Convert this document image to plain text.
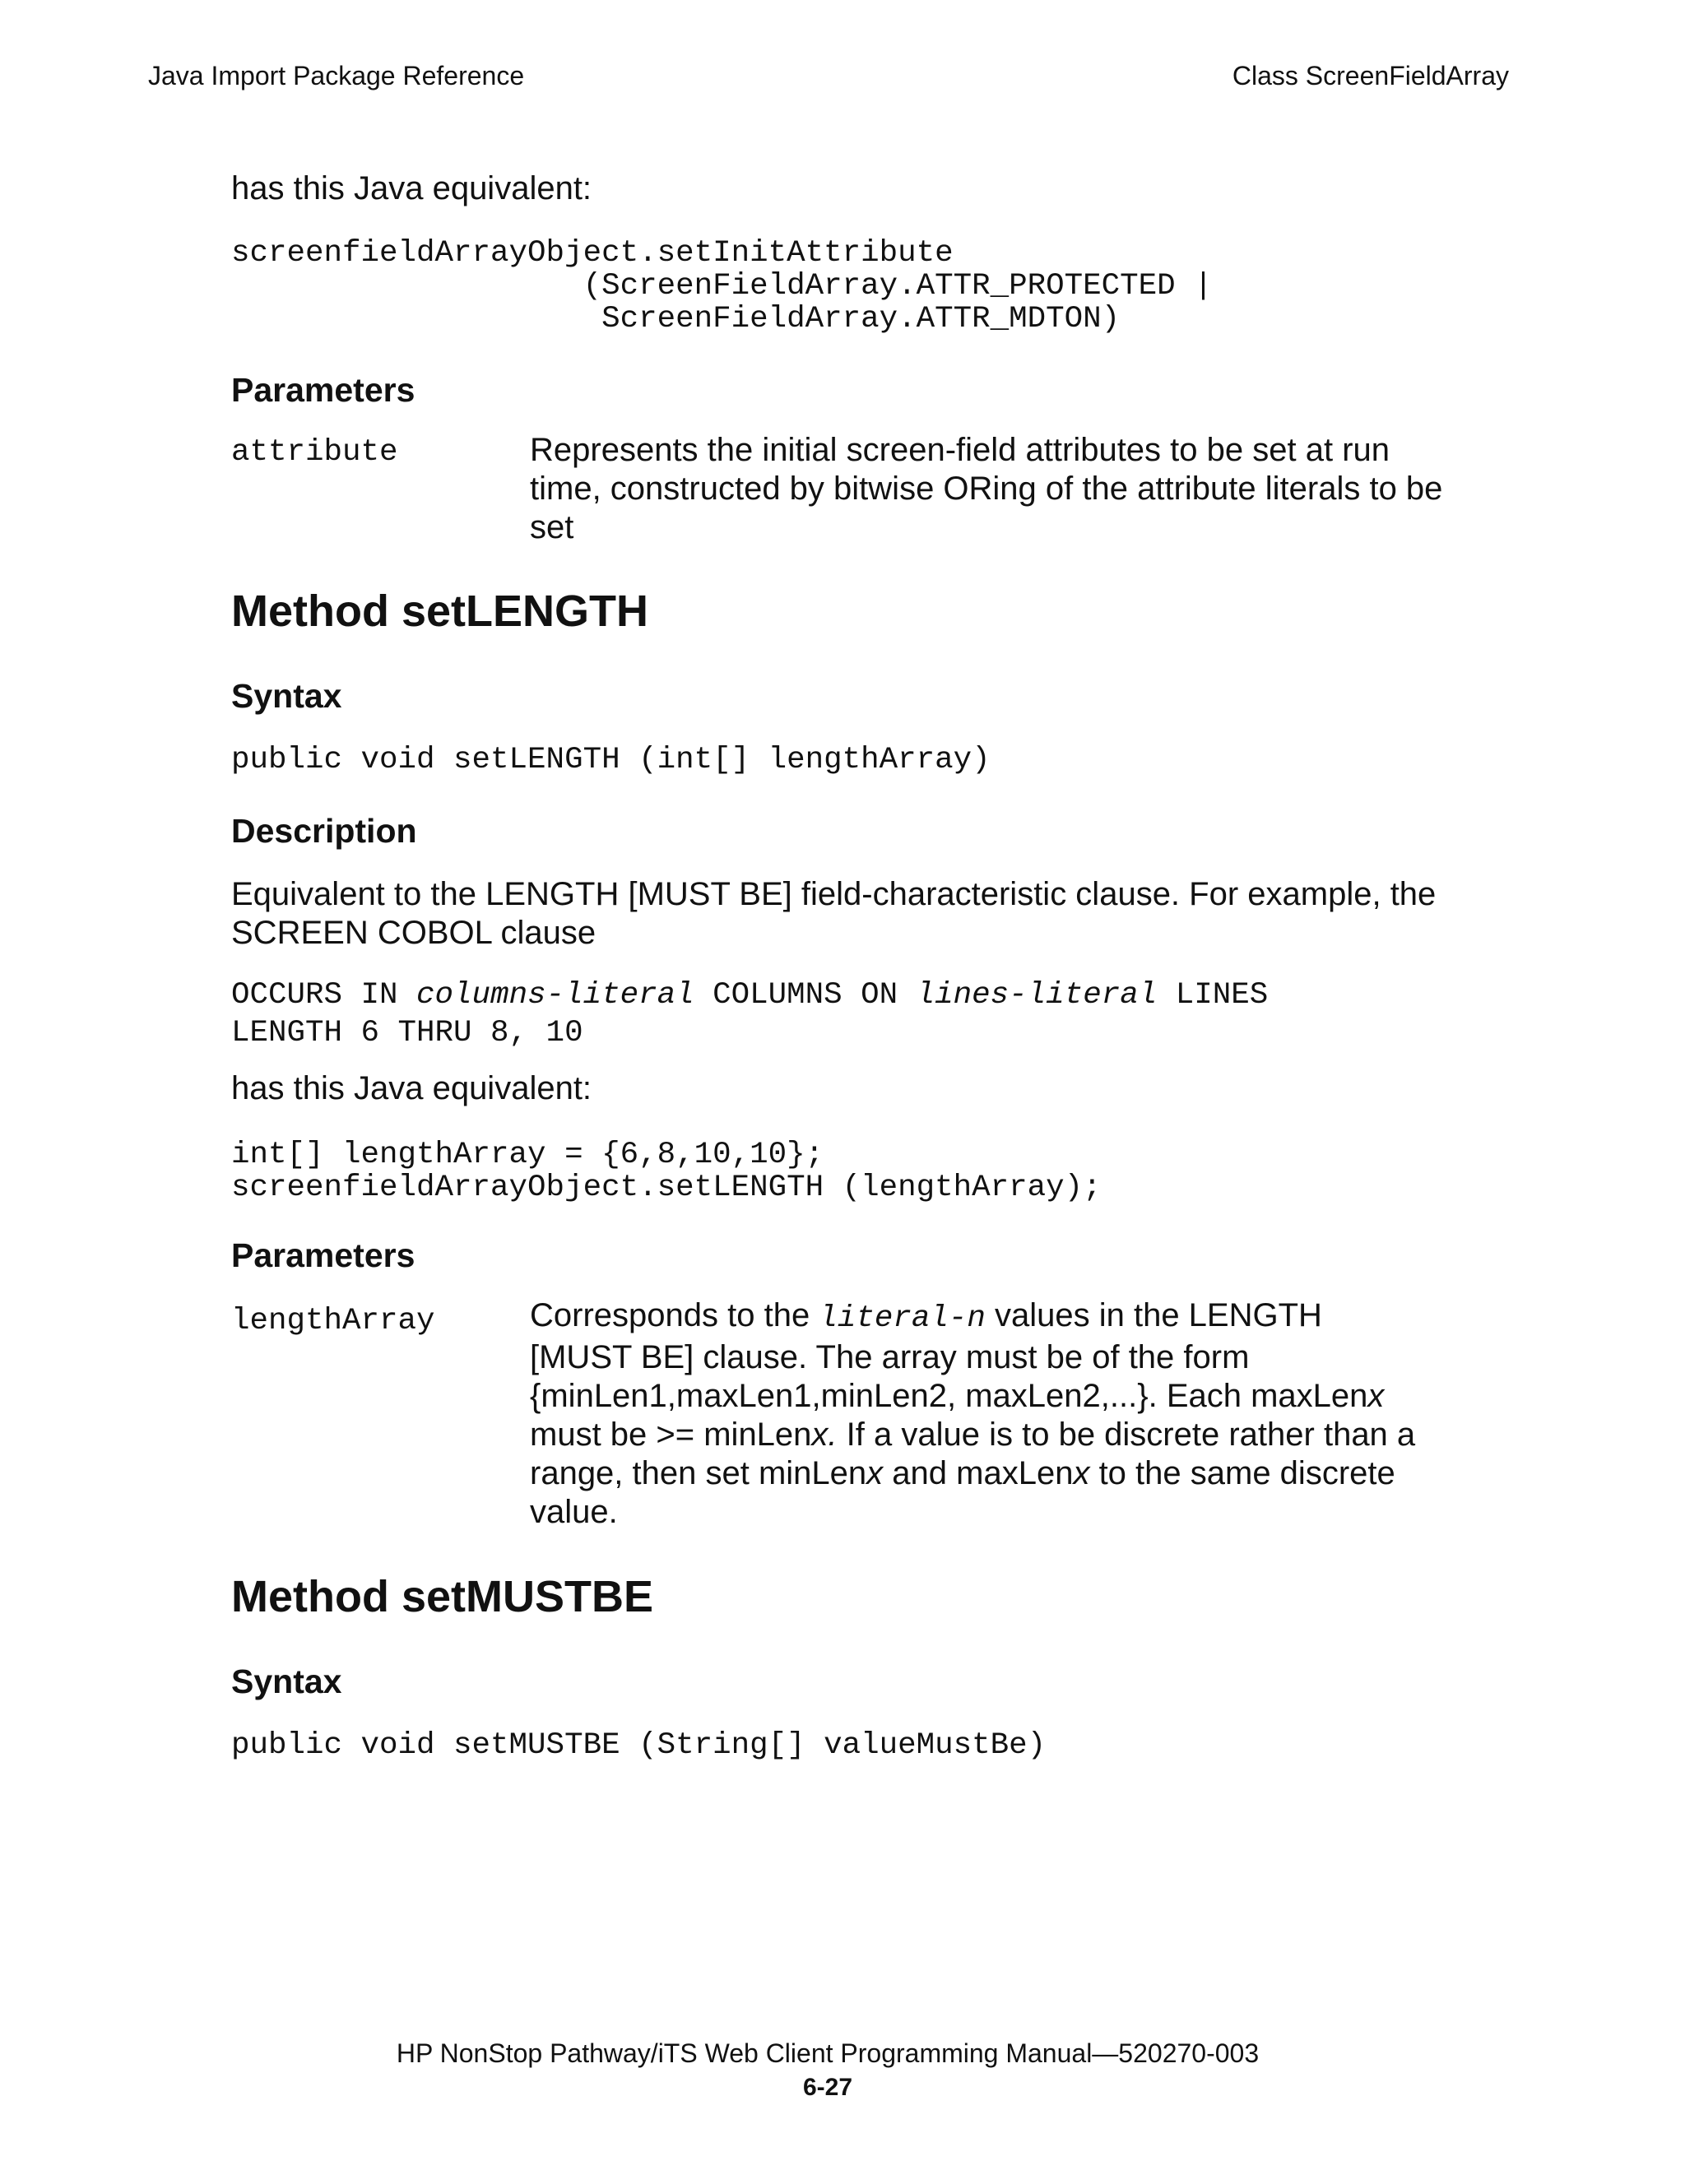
Java Import Package Reference	Class ScreenFieldArray
has this Java equivalent:
screenfieldArrayObject.setInitAttribute
(ScreenFieldArray.ATTR_PROTECTED |
ScreenFieldArray.ATTR_MDTON)
Parameters
attribute	Represents the initial screen-field attributes to be set at run
time, constructed by bitwise ORing of the attribute literals to be
set
Method setLENGTH
Syntax
public void setLENGTH (int[] lengthArray)
Description
Equivalent to the LENGTH [MUST BE] field-characteristic clause. For example, the
SCREEN COBOL clause
OCCURS IN columns-literal COLUMNS ON lines-literal LINES
LENGTH 6 THRU 8, 10
has this Java equivalent:
int[] lengthArray = {6,8,10,10};
screenfieldArrayObject.setLENGTH (lengthArray);
Parameters
lengthArray	Corresponds to the literal-n values in the LENGTH
[MUST BE] clause. The array must be of the form
{minLen1,maxLen1,minLen2, maxLen2,...}. Each maxLenx
must be >= minLenx. If a value is to be discrete rather than a
range, then set minLenx and maxLenx to the same discrete
value.
Method setMUSTBE
Syntax
public void setMUSTBE (String[] valueMustBe)
HP NonStop Pathway/iTS Web Client Programming Manual—520270-003
6-27
